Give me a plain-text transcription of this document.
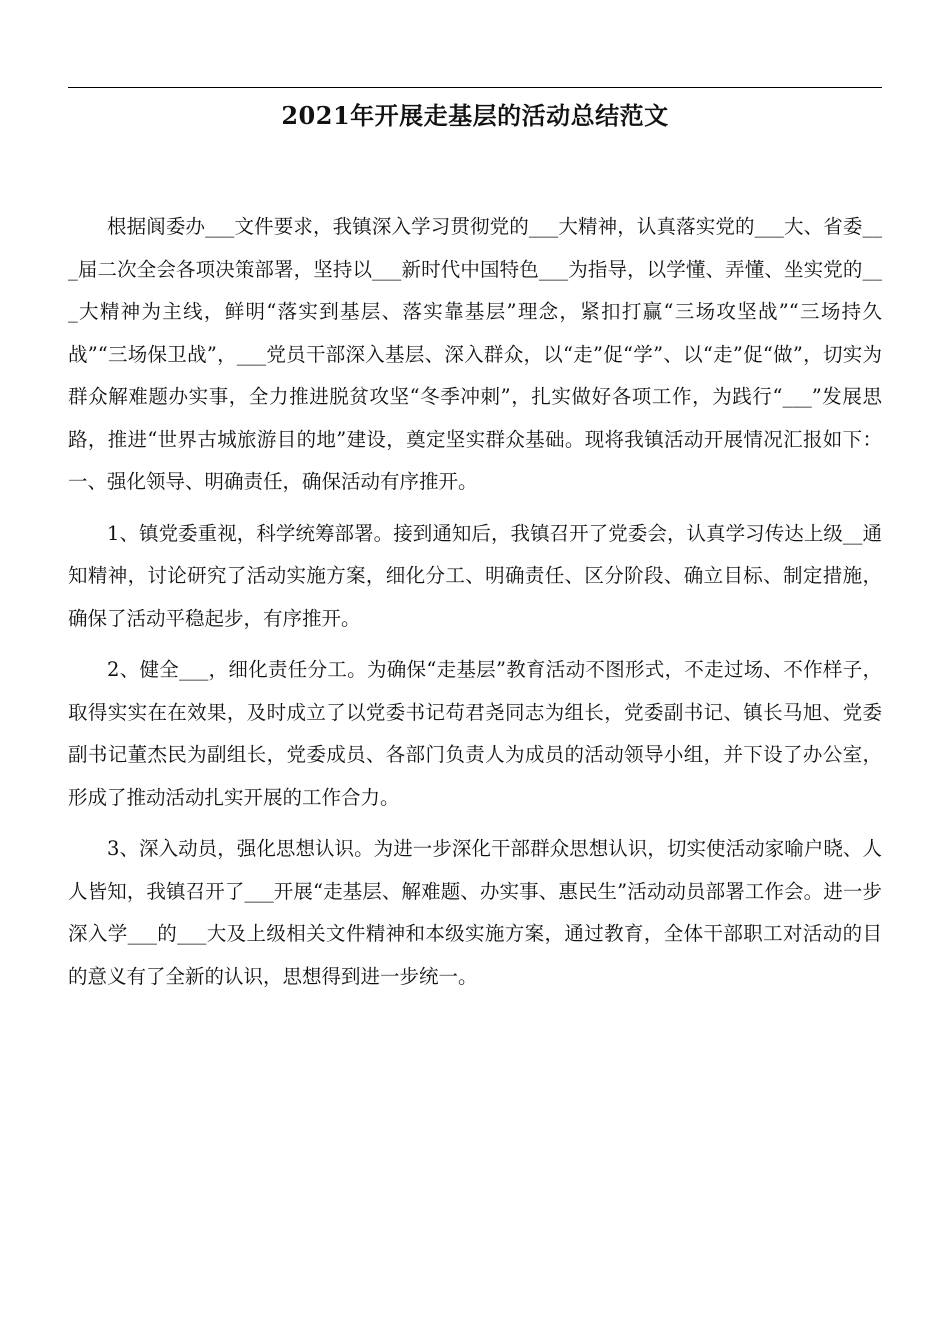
2021年开展走基层的活动总结范文

根据阆委办___文件要求，我镇深入学习贯彻党的___大精神，认真落实党的___大、省委___届二次全会各项决策部署，坚持以___新时代中国特色___为指导，以学懂、弄懂、坐实党的___大精神为主线，鲜明“落实到基层、落实靠基层”理念，紧扣打赢“三场攻坚战”“三场持久战”“三场保卫战”，___党员干部深入基层、深入群众，以“走”促“学”、以“走”促“做”，切实为群众解难题办实事，全力推进脱贫攻坚“冬季冲刺”，扎实做好各项工作，为践行“___”发展思路，推进“世界古城旅游目的地”建设，奠定坚实群众基础。现将我镇活动开展情况汇报如下： 一、强化领导、明确责任，确保活动有序推开。

1、镇党委重视，科学统筹部署。接到通知后，我镇召开了党委会，认真学习传达上级__通知精神，讨论研究了活动实施方案，细化分工、明确责任、区分阶段、确立目标、制定措施，确保了活动平稳起步，有序推开。

2、健全___，细化责任分工。为确保“走基层”教育活动不图形式，不走过场、不作样子，取得实实在在效果，及时成立了以党委书记苟君尧同志为组长，党委副书记、镇长马旭、党委副书记董杰民为副组长，党委成员、各部门负责人为成员的活动领导小组，并下设了办公室，形成了推动活动扎实开展的工作合力。

3、深入动员，强化思想认识。为进一步深化干部群众思想认识，切实使活动家喻户晓、人人皆知，我镇召开了___开展“走基层、解难题、办实事、惠民生”活动动员部署工作会。进一步深入学___的___大及上级相关文件精神和本级实施方案，通过教育，全体干部职工对活动的目的意义有了全新的认识，思想得到进一步统一。
